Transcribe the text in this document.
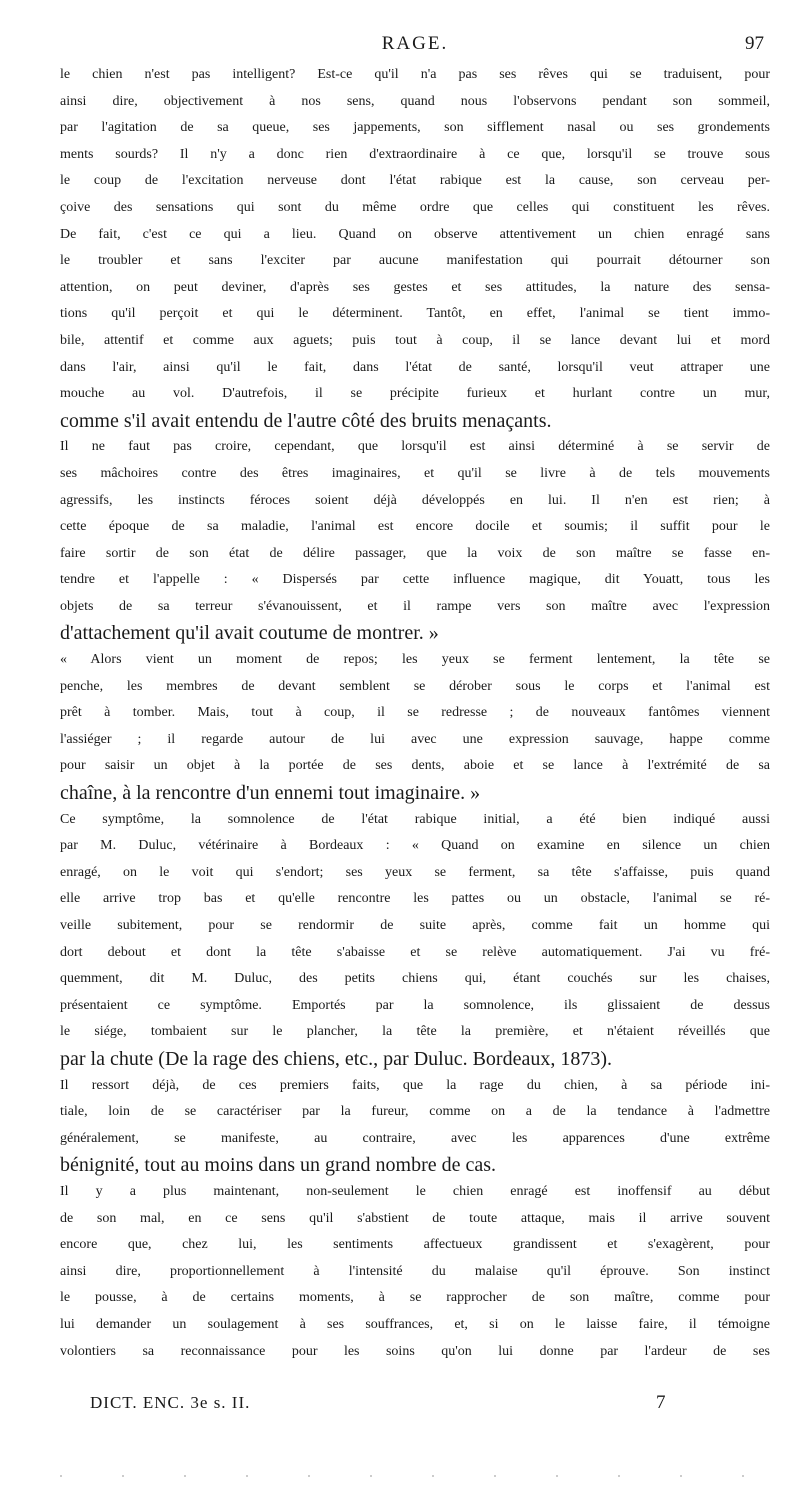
RAGE.	97
le chien n'est pas intelligent? Est-ce qu'il n'a pas ses rêves qui se traduisent, pour
ainsi dire, objectivement à nos sens, quand nous l'observons pendant son sommeil,
par l'agitation de sa queue, ses jappements, son sifflement nasal ou ses grondements
ments sourds? Il n'y a donc rien d'extraordinaire à ce que, lorsqu'il se trouve sous
le coup de l'excitation nerveuse dont l'état rabique est la cause, son cerveau per-
çoive des sensations qui sont du même ordre que celles qui constituent les rêves.
De fait, c'est ce qui a lieu. Quand on observe attentivement un chien enragé sans
le troubler et sans l'exciter par aucune manifestation qui pourrait détourner son
attention, on peut deviner, d'après ses gestes et ses attitudes, la nature des sensa-
tions qu'il perçoit et qui le déterminent. Tantôt, en effet, l'animal se tient immo-
bile, attentif et comme aux aguets; puis tout à coup, il se lance devant lui et mord
dans l'air, ainsi qu'il le fait, dans l'état de santé, lorsqu'il veut attraper une
mouche au vol. D'autrefois, il se précipite furieux et hurlant contre un mur,
comme s'il avait entendu de l'autre côté des bruits menaçants.
Il ne faut pas croire, cependant, que lorsqu'il est ainsi déterminé à se servir de
ses mâchoires contre des êtres imaginaires, et qu'il se livre à de tels mouvements
agressifs, les instincts féroces soient déjà développés en lui. Il n'en est rien; à
cette époque de sa maladie, l'animal est encore docile et soumis; il suffit pour le
faire sortir de son état de délire passager, que la voix de son maître se fasse en-
tendre et l'appelle : « Dispersés par cette influence magique, dit Youatt, tous les
objets de sa terreur s'évanouissent, et il rampe vers son maître avec l'expression
d'attachement qu'il avait coutume de montrer. »
« Alors vient un moment de repos; les yeux se ferment lentement, la tête se
penche, les membres de devant semblent se dérober sous le corps et l'animal est
prêt à tomber. Mais, tout à coup, il se redresse ; de nouveaux fantômes viennent
l'assiéger ; il regarde autour de lui avec une expression sauvage, happe comme
pour saisir un objet à la portée de ses dents, aboie et se lance à l'extrémité de sa
chaîne, à la rencontre d'un ennemi tout imaginaire. »
Ce symptôme, la somnolence de l'état rabique initial, a été bien indiqué aussi
par M. Duluc, vétérinaire à Bordeaux : « Quand on examine en silence un chien
enragé, on le voit qui s'endort; ses yeux se ferment, sa tête s'affaisse, puis quand
elle arrive trop bas et qu'elle rencontre les pattes ou un obstacle, l'animal se ré-
veille subitement, pour se rendormir de suite après, comme fait un homme qui
dort debout et dont la tête s'abaisse et se relève automatiquement. J'ai vu fré-
quemment, dit M. Duluc, des petits chiens qui, étant couchés sur les chaises,
présentaient ce symptôme. Emportés par la somnolence, ils glissaient de dessus
le siége, tombaient sur le plancher, la tête la première, et n'étaient réveillés que
par la chute (De la rage des chiens, etc., par Duluc. Bordeaux, 1873).
Il ressort déjà, de ces premiers faits, que la rage du chien, à sa période ini-
tiale, loin de se caractériser par la fureur, comme on a de la tendance à l'admettre
généralement, se manifeste, au contraire, avec les apparences d'une extrême
bénignité, tout au moins dans un grand nombre de cas.
Il y a plus maintenant, non-seulement le chien enragé est inoffensif au début
de son mal, en ce sens qu'il s'abstient de toute attaque, mais il arrive souvent
encore que, chez lui, les sentiments affectueux grandissent et s'exagèrent, pour
ainsi dire, proportionnellement à l'intensité du malaise qu'il éprouve. Son instinct
le pousse, à de certains moments, à se rapprocher de son maître, comme pour
lui demander un soulagement à ses souffrances, et, si on le laisse faire, il témoigne
volontiers sa reconnaissance pour les soins qu'on lui donne par l'ardeur de ses
DICT. ENC. 3e s. II.	7
